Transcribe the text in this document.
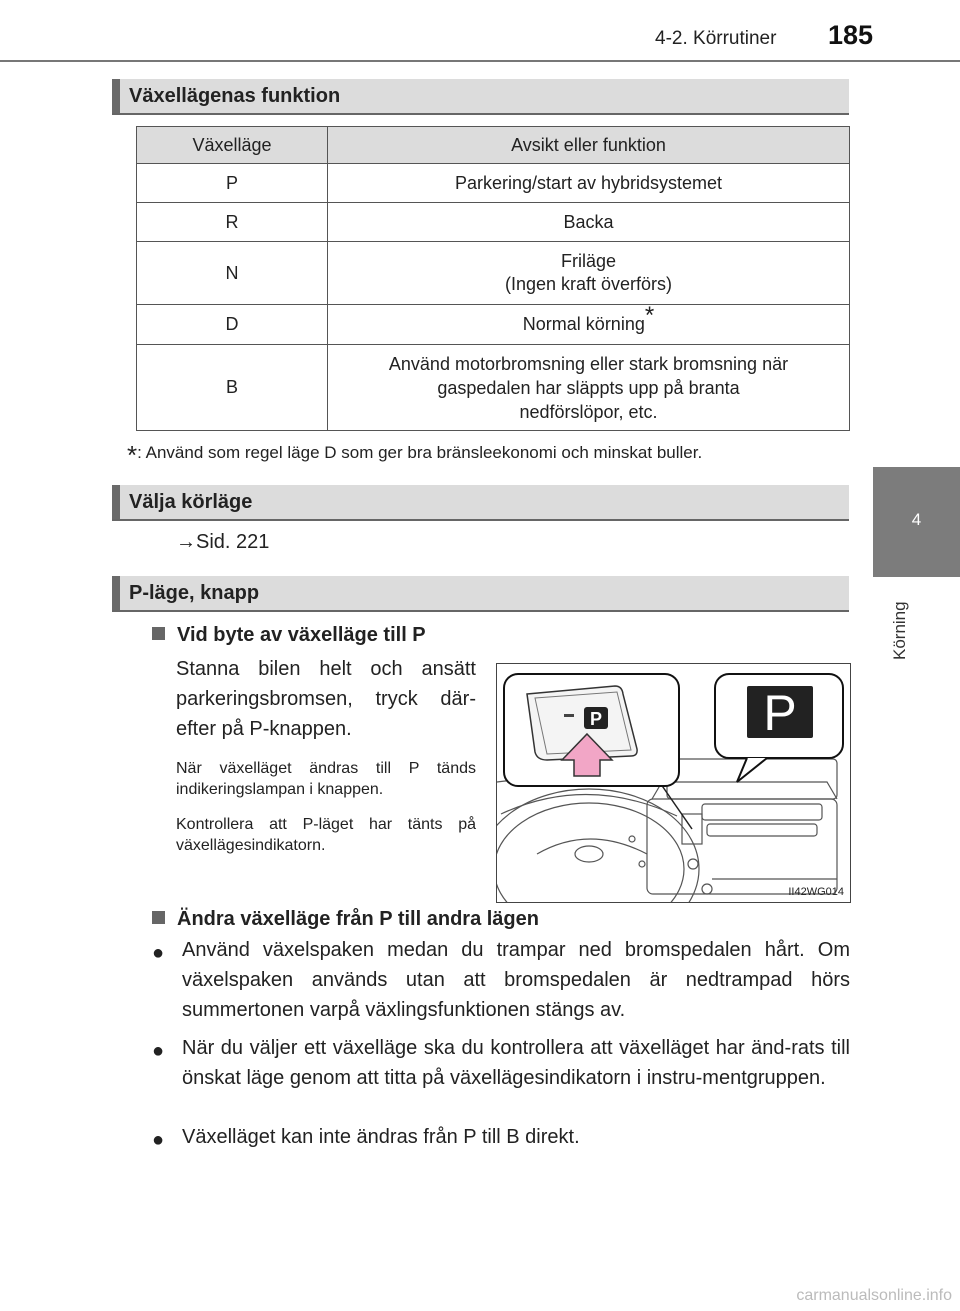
4-2. Körrutiner 185
4
Körning
Växellägenas funktion
Växelläge	Avsikt eller funktion
P	Parkering/start av hybridsystemet
R	Backa
N	Friläge
(Ingen kraft överförs)
D	Normal körning*
B	Använd motorbromsning eller stark bromsning när
gaspedalen har släppts upp på branta
nedförslöpor, etc.
*: Använd som regel läge D som ger bra bränsleekonomi och minskat buller.
Välja körläge
→Sid. 221
P-läge, knapp
Vid byte av växelläge till P
Stanna bilen helt och ansätt parkeringsbromsen, tryck där-efter på P-knappen.
När växelläget ändras till P tänds indikeringslampan i knappen.
Kontrollera att P-läget har tänts på växellägesindikatorn.
P	P
II42WG014
Ändra växelläge från P till andra lägen
● Använd växelspaken medan du trampar ned bromspedalen hårt. Om växelspaken används utan att bromspedalen är nedtrampad hörs summertonen varpå växlingsfunktionen stängs av.
● När du väljer ett växelläge ska du kontrollera att växelläget har änd-rats till önskat läge genom att titta på växellägesindikatorn i instru-mentgruppen.
● Växelläget kan inte ändras från P till B direkt.
carmanualsonline.info
